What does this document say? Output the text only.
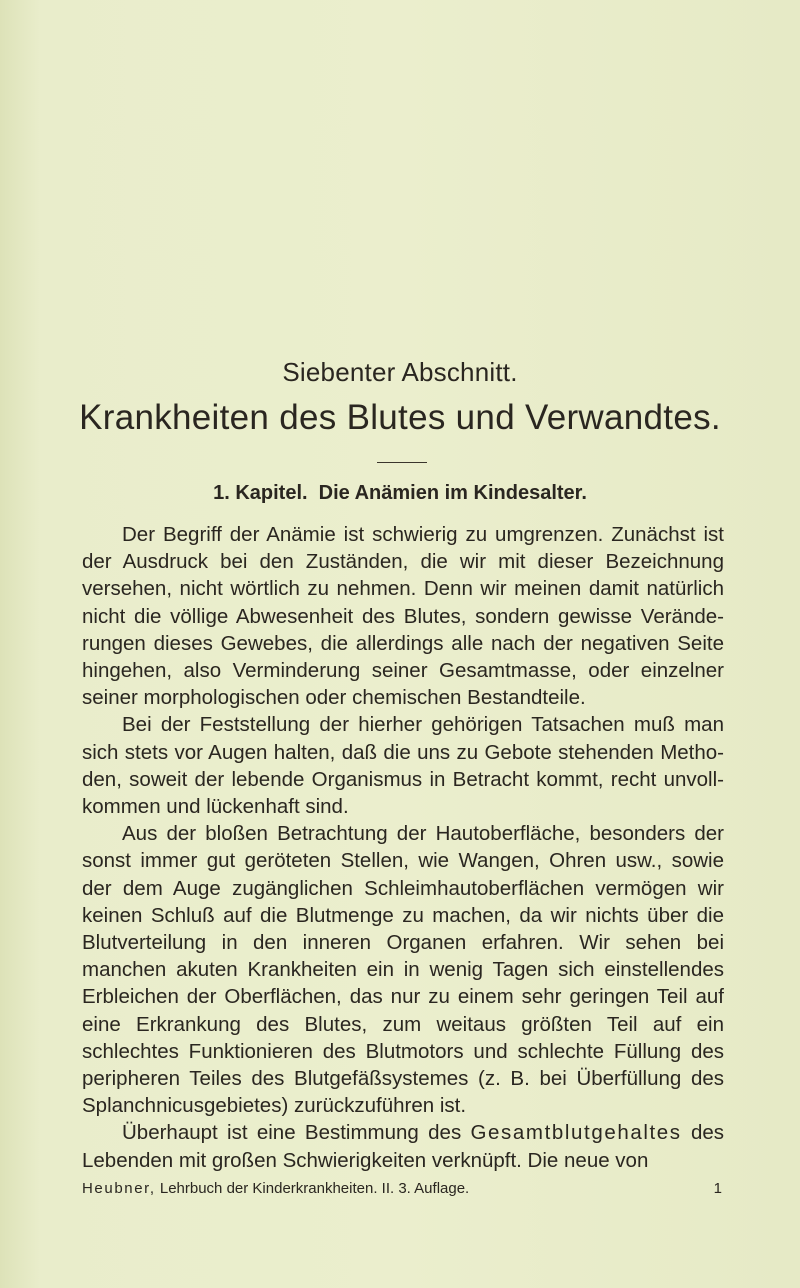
Siebenter Abschnitt.
Krankheiten des Blutes und Verwandtes.
1. Kapitel.  Die Anämien im Kindesalter.

Der Begriff der Anämie ist schwierig zu umgrenzen. Zunächst ist der Ausdruck bei den Zuständen, die wir mit dieser Bezeichnung versehen, nicht wörtlich zu nehmen. Denn wir meinen damit natürlich nicht die völlige Abwesenheit des Blutes, sondern gewisse Verände- rungen dieses Gewebes, die allerdings alle nach der negativen Seite hingehen, also Verminderung seiner Gesamtmasse, oder einzelner seiner morphologischen oder chemischen Bestandteile.

Bei der Feststellung der hierher gehörigen Tatsachen muß man sich stets vor Augen halten, daß die uns zu Gebote stehenden Metho- den, soweit der lebende Organismus in Betracht kommt, recht unvoll- kommen und lückenhaft sind.

Aus der bloßen Betrachtung der Hautoberfläche, besonders der sonst immer gut geröteten Stellen, wie Wangen, Ohren usw., sowie der dem Auge zugänglichen Schleimhautoberflächen vermögen wir keinen Schluß auf die Blutmenge zu machen, da wir nichts über die Blutverteilung in den inneren Organen erfahren. Wir sehen bei manchen akuten Krankheiten ein in wenig Tagen sich einstellendes Erbleichen der Oberflächen, das nur zu einem sehr geringen Teil auf eine Erkrankung des Blutes, zum weitaus größten Teil auf ein schlechtes Funktionieren des Blutmotors und schlechte Füllung des peripheren Teiles des Blutgefäßsystemes (z. B. bei Überfüllung des Splanchnicusgebietes) zurückzuführen ist.

Überhaupt ist eine Bestimmung des Gesamtblutgehaltes des Lebenden mit großen Schwierigkeiten verknüpft. Die neue von

Heubner, Lehrbuch der Kinderkrankheiten. II. 3. Auflage.	1
